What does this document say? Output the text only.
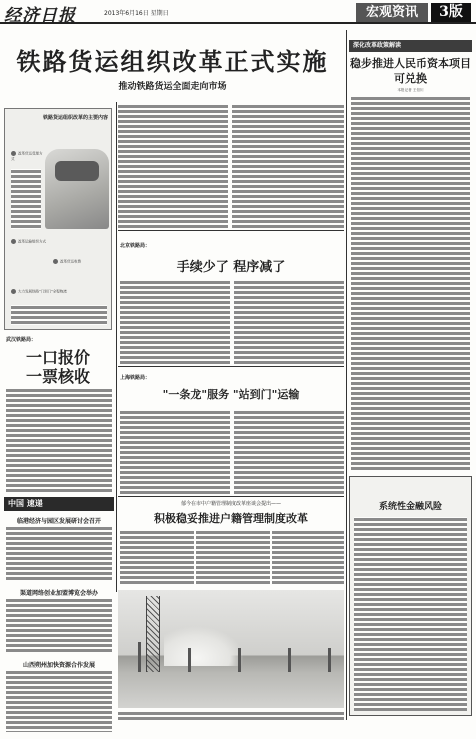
经济日报	2013年6月16日 星期日	宏观资讯	3版
铁路货运组织改革正式实施
推动铁路货运全面走向市场
铁路货运组织改革的主要内容
改革货运受理方式
改革运输组织方式
改革货运收费
大力发展铁路"门到门"全程物流
武汉铁路局：
一口报价
一票核收
中国 速递
临港经济与园区发展研讨会召开
渠道网络创业加盟博览会举办
山西朔州加快资源合作发展
北京铁路局：
手续少了 程序减了
上海铁路局：
"一条龙"服务 "站到门"运输
郁今在市中户籍管理制度改革座谈会提出——
积极稳妥推进户籍管理制度改革
深化改革政策解读
稳步推进人民币资本项目可兑换
本报记者 王信川
系统性金融风险
